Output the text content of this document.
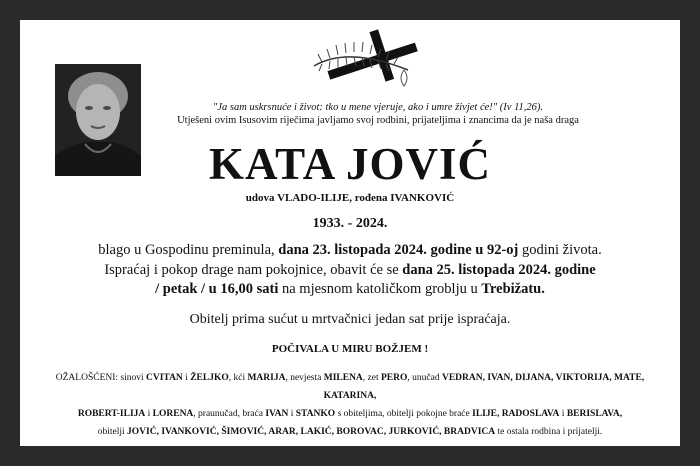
"Ja sam uskrsnuće i život: tko u mene vjeruje, ako i umre živjet će!" (Iv 11,26).
Utješeni ovim Isusovim riječima javljamo svoj rodbini, prijateljima i znancima da je naša draga
KATA JOVIĆ
udova VLADO-ILIJE, rođena IVANKOVIĆ
1933. - 2024.
blago u Gospodinu preminula, dana 23. listopada 2024. godine u 92-oj godini života.
Ispraćaj i pokop drage nam pokojnice, obavit će se dana 25. listopada 2024. godine
/ petak / u 16,00 sati na mjesnom katoličkom groblju u Trebižatu.
Obitelj prima sućut u mrtvačnici jedan sat prije ispraćaja.
POČIVALA U MIRU BOŽJEM !
OŽALOŠĆENI: sinovi CVITAN i ŽELJKO, kći MARIJA, nevjesta MILENA, zet PERO, unučad VEDRAN, IVAN, DIJANA, VIKTORIJA, MATE, KATARINA,
ROBERT-ILIJA i LORENA, praunučad, braća IVAN i STANKO s obiteljima, obitelji pokojne braće ILIJE, RADOSLAVA i BERISLAVA,
obitelji JOVIĆ, IVANKOVIĆ, ŠIMOVIĆ, ARAR, LAKIĆ, BOROVAC, JURKOVIĆ, BRADVICA te ostala rodbina i prijatelji.
